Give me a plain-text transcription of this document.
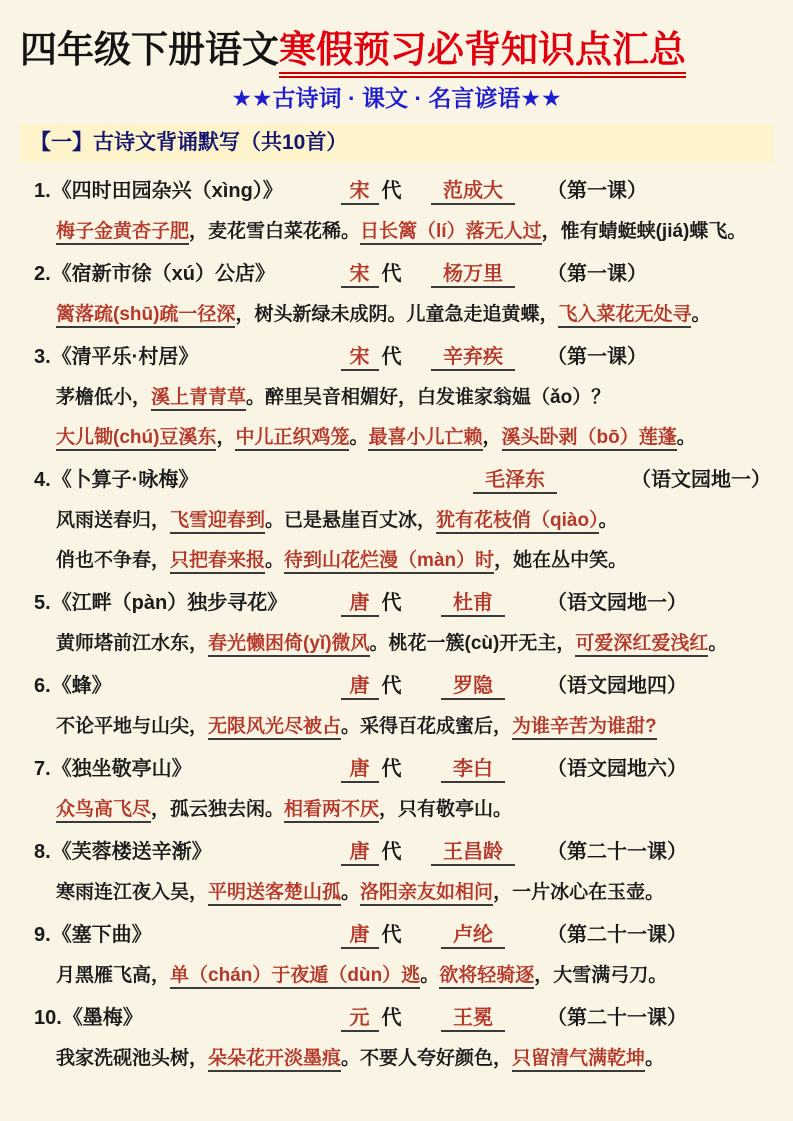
四年级下册语文寒假预习必背知识点汇总
★★古诗词 · 课文 · 名言谚语★★
【一】古诗文背诵默写（共10首）
1.《四时田园杂兴（xìng）》	宋 代	范成大	（第一课）
梅子金黄杏子肥，麦花雪白菜花稀。日长篱（lí）落无人过，惟有蜻蜓蛱(jiá)蝶飞。
2.《宿新市徐（xú）公店》	宋 代	杨万里	（第一课）
篱落疏(shū)疏一径深，树头新绿未成阴。儿童急走追黄蝶，飞入菜花无处寻。
3.《清平乐·村居》	宋 代	辛弃疾	（第一课）
茅檐低小，溪上青青草。醉里吴音相媚好，白发谁家翁媪（ǎo）？
大儿锄(chú)豆溪东，中儿正织鸡笼。最喜小儿亡赖，溪头卧剥（bō）莲蓬。
4.《卜算子·咏梅》	毛泽东	（语文园地一）
风雨送春归，飞雪迎春到。已是悬崖百丈冰，犹有花枝俏（qiào）。
俏也不争春，只把春来报。待到山花烂漫（màn）时，她在丛中笑。
5.《江畔（pàn）独步寻花》	唐 代	杜甫	（语文园地一）
黄师塔前江水东，春光懒困倚(yǐ)微风。桃花一簇(cù)开无主，可爱深红爱浅红。
6.《蜂》	唐 代	罗隐	（语文园地四）
不论平地与山尖，无限风光尽被占。采得百花成蜜后，为谁辛苦为谁甜?
7.《独坐敬亭山》	唐 代	李白	（语文园地六）
众鸟高飞尽，孤云独去闲。相看两不厌，只有敬亭山。
8.《芙蓉楼送辛渐》	唐 代	王昌龄	（第二十一课）
寒雨连江夜入吴，平明送客楚山孤。洛阳亲友如相问，一片冰心在玉壶。
9.《塞下曲》	唐 代	卢纶	（第二十一课）
月黑雁飞高，单（chán）于夜遁（dùn）逃。欲将轻骑逐，大雪满弓刀。
10.《墨梅》	元 代	王冕	（第二十一课）
我家洗砚池头树，朵朵花开淡墨痕。不要人夸好颜色，只留清气满乾坤。
